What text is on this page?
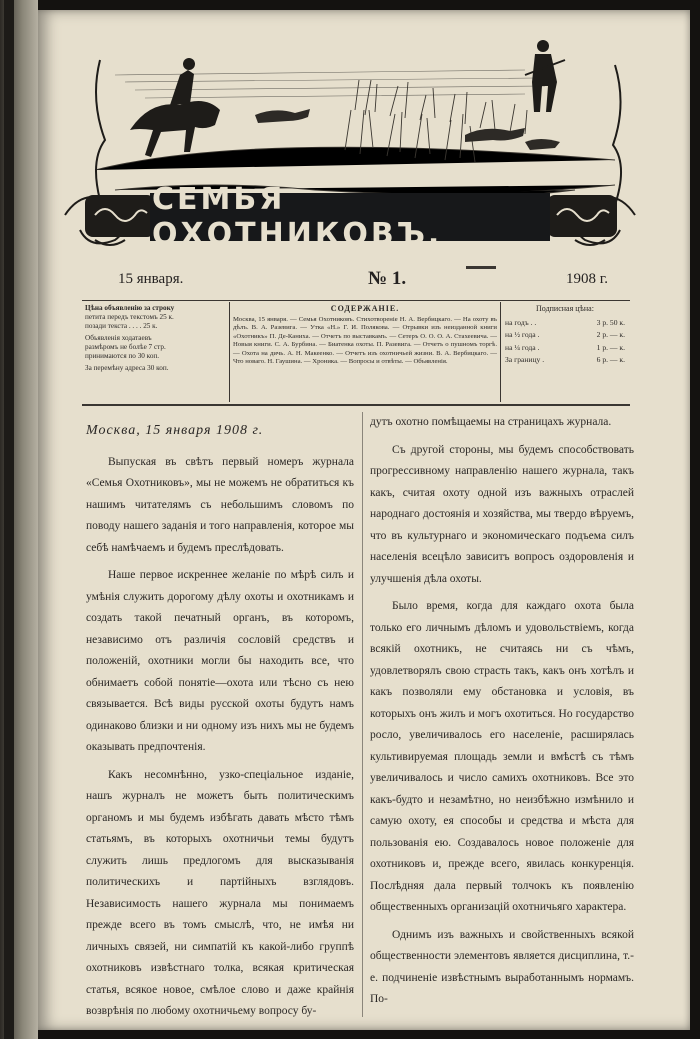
СЕМЬЯ ОХОТНИКОВЪ.
15 января.	№ 1.	1908 г.
Цѣна объявленiю за строку
петита передъ текстомъ 25 к.
позади текста . . . . 25 к.
Объявленiя ходатаевъ
размѣромъ не болѣе 7 стр.
принимаются по 30 коп.
За перемѣну адреса 30 коп.
СОДЕРЖАНIЕ.
Москва, 15 января. — Семья Охотниковъ. Стихотворенiе Н. А. Вербицкаго. — На охоту въ дѣлъ. В. А. Разевига. — Утка «Н.» Г. И. Полякова. — Отрывки изъ неизданной книги «Охотникъ» П. Де-Каниха. — Отчетъ по выставкамъ. — Сетеръ О. О. О. А. Стахеевича. — Новыя книги. С. А. Бурбина. — Биатенка охоты. П. Разевига. — Отчетъ о пушномъ торгѣ. — Охота на дичь. А. Н. Макеенко. — Отчетъ изъ охотничьей жизни. В. А. Вербицкаго. — Что новаго. Н. Гаушина. — Хроника. — Вопросы и отвѣты. — Объявленiя.
Подписная цѣна:
на годъ . .	3 р. 50 к.
на ½ года .	2 р. — к.
на ¼ года .	1 р. — к.
За границу .	6 р. — к.

Москва, 15 января 1908 г.

Выпуская въ свѣтъ первый номеръ журнала «Семья Охотниковъ», мы не можемъ не обратиться къ нашимъ читателямъ съ небольшимъ словомъ по поводу нашего заданiя и того направленiя, которое мы себѣ намѣчаемъ и будемъ преслѣдовать.

Наше первое искреннее желанiе по мѣрѣ силъ и умѣнiя служить дорогому дѣлу охоты и охотникамъ и создать такой печатный органъ, въ которомъ, независимо отъ различiя сословiй средствъ и положенiй, охотники могли бы находить все, что обнимаетъ собой понятiе—охота или тѣсно съ нею связывается. Всѣ виды русской охоты будутъ намъ одинаково близки и ни одному изъ нихъ мы не будемъ оказывать предпочтенiя.

Какъ несомнѣнно, узко-спецiальное изданiе, нашъ журналъ не можетъ быть политическимъ органомъ и мы будемъ избѣгать давать мѣсто тѣмъ статьямъ, въ которыхъ охотничьи темы будутъ служить лишь предлогомъ для высказыванiя политическихъ и партiйныхъ взглядовъ. Независимость нашего журнала мы понимаемъ прежде всего въ томъ смыслѣ, что, не имѣя ни личныхъ связей, ни симпатiй къ какой-либо группѣ охотниковъ извѣстнаго толка, всякая критическая статья, всякое новое, смѣлое слово и даже крайнiя возврѣнiя по любому охотничьему вопросу бу-

дутъ охотно помѣщаемы на страницахъ журнала.

Съ другой стороны, мы будемъ способствовать прогрессивному направленiю нашего журнала, такъ какъ, считая охоту одной изъ важныхъ отраслей народнаго достоянiя и хозяйства, мы твердо вѣруемъ, что въ культурнаго и экономическаго подъема силъ населенiя всецѣло зависитъ вопросъ оздоровленiя и улучшенiя дѣла охоты.

Было время, когда для каждаго охота была только его личнымъ дѣломъ и удовольствiемъ, когда всякiй охотникъ, не считаясь ни съ чѣмъ, удовлетворялъ свою страсть такъ, какъ онъ хотѣлъ и какъ позволяли ему обстановка и условiя, въ которыхъ онъ жилъ и могъ охотиться. Но государство росло, увеличивалось его населенiе, расширялась культивируемая площадь земли и вмѣстѣ съ тѣмъ увеличивалось и число самихъ охотниковъ. Все это какъ-будто и незамѣтно, но неизбѣжно измѣнило и самую охоту, ея способы и средства и мѣста для пользованiя ею. Создавалось новое положенiе для охотниковъ и, прежде всего, явилась конкуренцiя. Послѣдняя дала первый толчокъ къ появленiю общественныхъ организацiй охотничьяго характера.

Однимъ изъ важныхъ и свойственныхъ всякой общественности элементовъ является дисциплина, т.-е. подчиненiе извѣстнымъ выработаннымъ нормамъ. По-
